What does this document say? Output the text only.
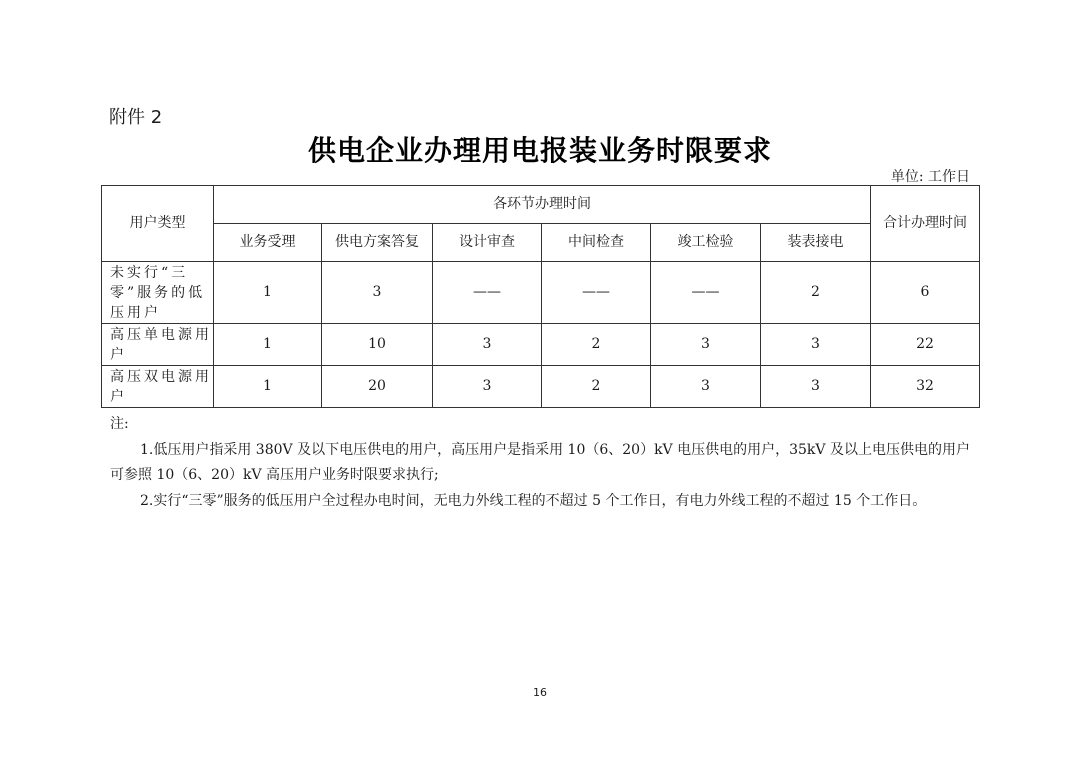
附件 2
供电企业办理用电报装业务时限要求
单位: 工作日
用户类型	各环节办理时间						合计办理时间
	业务受理	供电方案答复	设计审查	中间检查	竣工检验	装表接电	
未实行“三零”服务的低压用户	1	3	——	——	——	2	6
高压单电源用户	1	10	3	2	3	3	22
高压双电源用户	1	20	3	2	3	3	32

注:

1.低压用户指采用 380V 及以下电压供电的用户，高压用户是指采用 10（6、20）kV 电压供电的用户，35kV 及以上电压供电的用户可参照 10（6、20）kV 高压用户业务时限要求执行;

2.实行“三零”服务的低压用户全过程办电时间，无电力外线工程的不超过 5 个工作日，有电力外线工程的不超过 15 个工作日。

16
